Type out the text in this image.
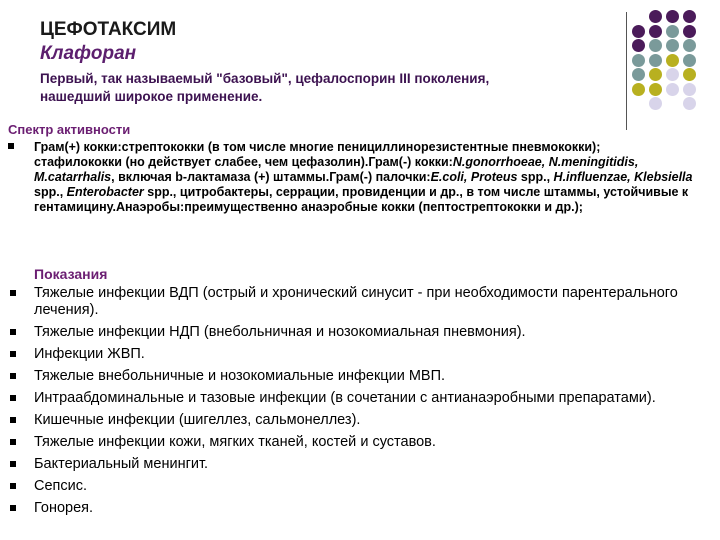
ЦЕФОТАКСИМ
Клафоран
Первый, так называемый "базовый", цефалоспорин III поколения,
нашедший широкое применение.
Спектр активности
Грам(+) кокки:стрептококки (в том числе многие пенициллинорезистентные пневмококки);
стафилококки (но действует слабее, чем цефазолин).Грам(-) кокки:N.gonorrhoeae, N.meningitidis, M.catarrhalis, включая b-лактамаза (+) штаммы.Грам(-) палочки:E.coli, Proteus spp., H.influenzae, Klebsiella spp., Enterobacter spp., цитробактеры, серрации, провиденции и др., в том числе штаммы, устойчивые к гентамицину.Анаэробы:преимущественно анаэробные кокки (пептострептококки и др.);
Показания
Тяжелые инфекции ВДП (острый и хронический синусит - при необходимости парентерального лечения).
Тяжелые инфекции НДП (внебольничная и нозокомиальная пневмония).
Инфекции ЖВП.
Тяжелые внебольничные и нозокомиальные инфекции МВП.
Интраабдоминальные и тазовые инфекции (в сочетании с антианаэробными препаратами).
Кишечные инфекции (шигеллез, сальмонеллез).
Тяжелые инфекции кожи, мягких тканей, костей и суставов.
Бактериальный менингит.
Сепсис.
Гонорея.
